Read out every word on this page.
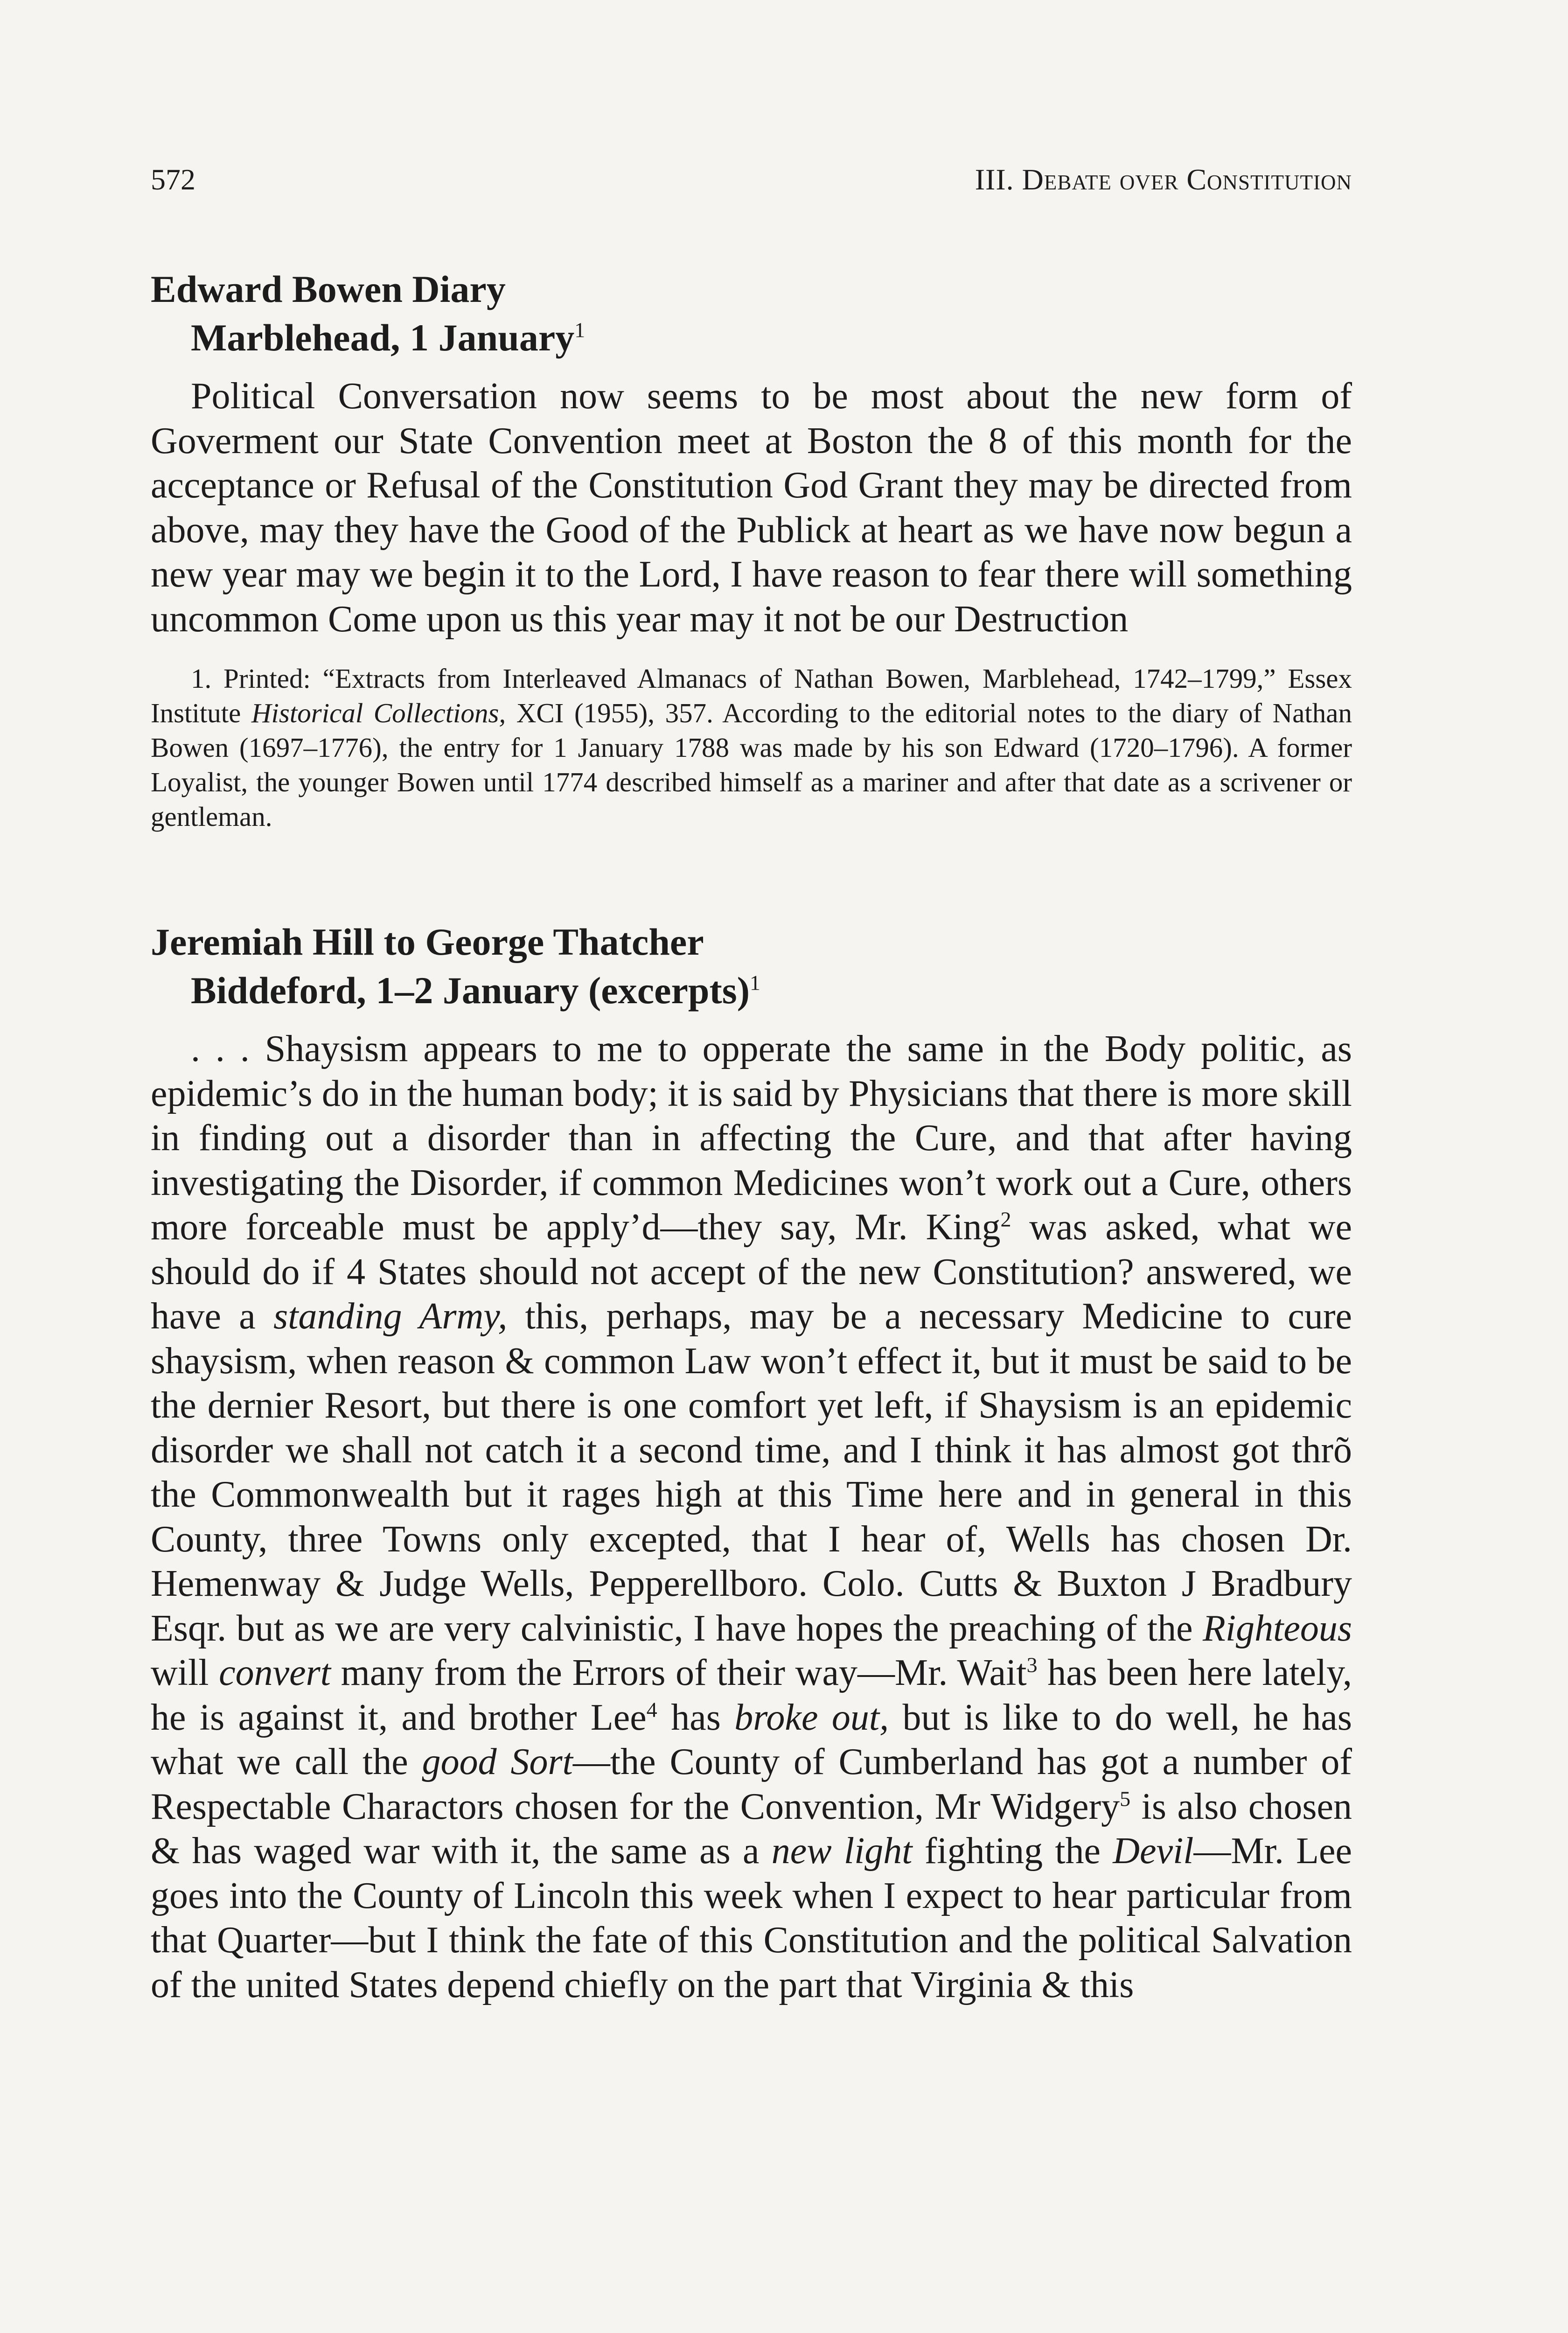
572	III. Debate over Constitution
Edward Bowen Diary
Marblehead, 1 January$^1$

Political Conversation now seems to be most about the new form of Goverment our State Convention meet at Boston the 8 of this month for the acceptance or Refusal of the Constitution God Grant they may be directed from above, may they have the Good of the Publick at heart as we have now begun a new year may we begin it to the Lord, I have reason to fear there will something uncommon Come upon us this year may it not be our Destruction

1. Printed: “Extracts from Interleaved Almanacs of Nathan Bowen, Marblehead, 1742–1799,” Essex Institute Historical Collections, XCI (1955), 357. According to the editorial notes to the diary of Nathan Bowen (1697–1776), the entry for 1 January 1788 was made by his son Edward (1720–1796). A former Loyalist, the younger Bowen until 1774 described himself as a mariner and after that date as a scrivener or gentleman.

Jeremiah Hill to George Thatcher
Biddeford, 1–2 January (excerpts)$^1$

. . . Shaysism appears to me to opperate the same in the Body politic, as epidemic’s do in the human body; it is said by Physicians that there is more skill in finding out a disorder than in affecting the Cure, and that after having investigating the Disorder, if common Medicines won’t work out a Cure, others more forceable must be apply’d—they say, Mr. King$^2$ was asked, what we should do if 4 States should not accept of the new Constitution? answered, we have a standing Army, this, perhaps, may be a necessary Medicine to cure shaysism, when reason & common Law won’t effect it, but it must be said to be the dernier Resort, but there is one comfort yet left, if Shaysism is an epidemic disorder we shall not catch it a second time, and I think it has almost got thrõ the Commonwealth but it rages high at this Time here and in general in this County, three Towns only excepted, that I hear of, Wells has chosen Dr. Hemenway & Judge Wells, Pepperellboro. Colo. Cutts & Buxton J Bradbury Esqr. but as we are very calvinistic, I have hopes the preaching of the Righteous will convert many from the Errors of their way—Mr. Wait$^3$ has been here lately, he is against it, and brother Lee$^4$ has broke out, but is like to do well, he has what we call the good Sort—the County of Cumberland has got a number of Respectable Charactors chosen for the Convention, Mr Widgery$^5$ is also chosen & has waged war with it, the same as a new light fighting the Devil—Mr. Lee goes into the County of Lincoln this week when I expect to hear particular from that Quarter—but I think the fate of this Constitution and the political Salvation of the united States depend chiefly on the part that Virginia & this
